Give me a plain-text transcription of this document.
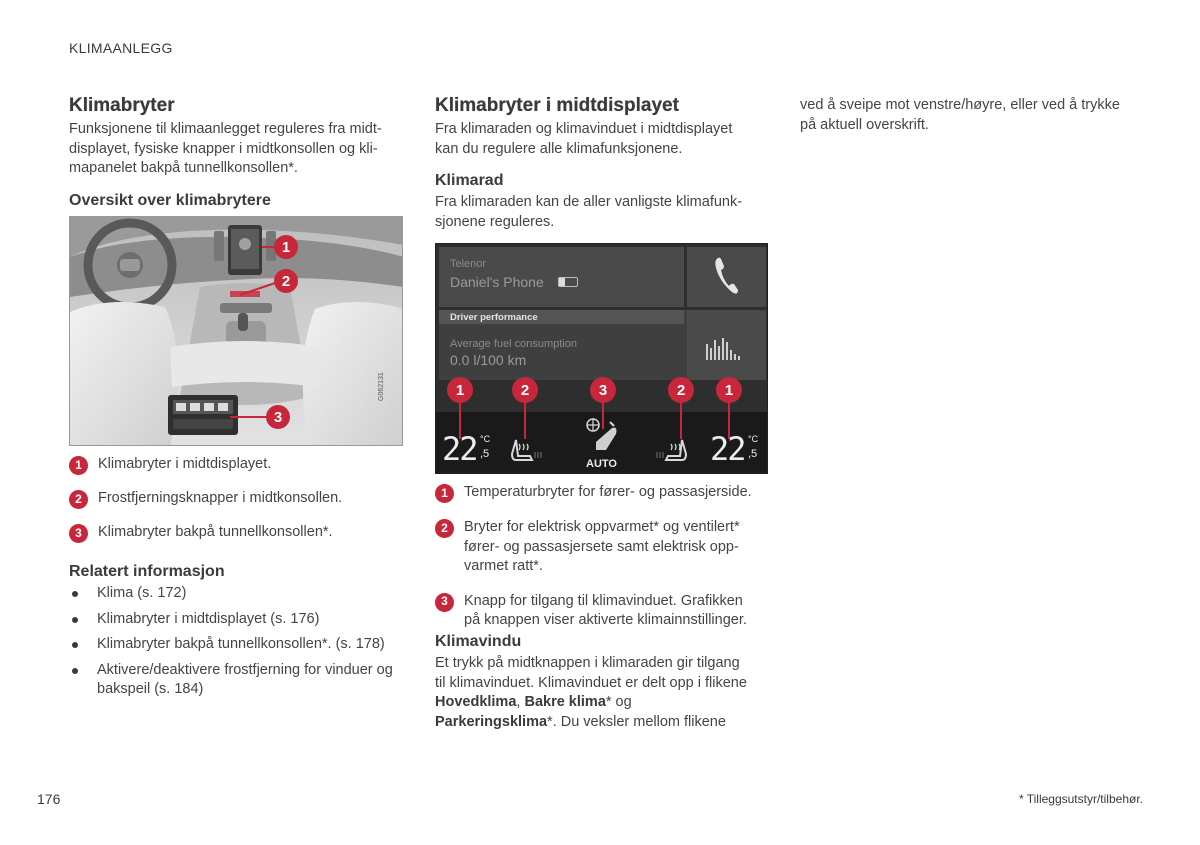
KLIMAANLEGG
Klimabryter
Funksjonene til klimaanlegget reguleres fra midt-
displayet, fysiske knapper i midtkonsollen og kli-
mapanelet bakpå tunnellkonsollen*.
Oversikt over klimabrytere
1
2
3
G062131
1	Klimabryter i midtdisplayet.
2	Frostfjerningsknapper i midtkonsollen.
3	Klimabryter bakpå tunnellkonsollen*.
Relatert informasjon
Klima (s. 172)
Klimabryter i midtdisplayet (s. 176)
Klimabryter bakpå tunnellkonsollen*. (s. 178)
Aktivere/deaktivere frostfjerning for vinduer og bakspeil (s. 184)
Klimabryter i midtdisplayet
Fra klimaraden og klimavinduet i midtdisplayet
kan du regulere alle klimafunksjonene.
Klimarad
Fra klimaraden kan de aller vanligste klimafunk-
sjonene reguleres.
Telenor
Daniel's Phone
Driver performance
Average fuel consumption
0.0 l/100 km
1	2	3	2	1
22 °C
,5
AUTO	22 °C
,5
1	Temperaturbryter for fører- og passasjerside.
2	Bryter for elektrisk oppvarmet* og ventilert*
fører- og passasjersete samt elektrisk opp-
varmet ratt*.
3	Knapp for tilgang til klimavinduet. Grafikken
på knappen viser aktiverte klimainnstillinger.
Klimavindu
Et trykk på midtknappen i klimaraden gir tilgang
til klimavinduet. Klimavinduet er delt opp i flikene
Hovedklima, Bakre klima* og
Parkeringsklima*. Du veksler mellom flikene
ved å sveipe mot venstre/høyre, eller ved å trykke
på aktuell overskrift.
176	* Tilleggsutstyr/tilbehør.
